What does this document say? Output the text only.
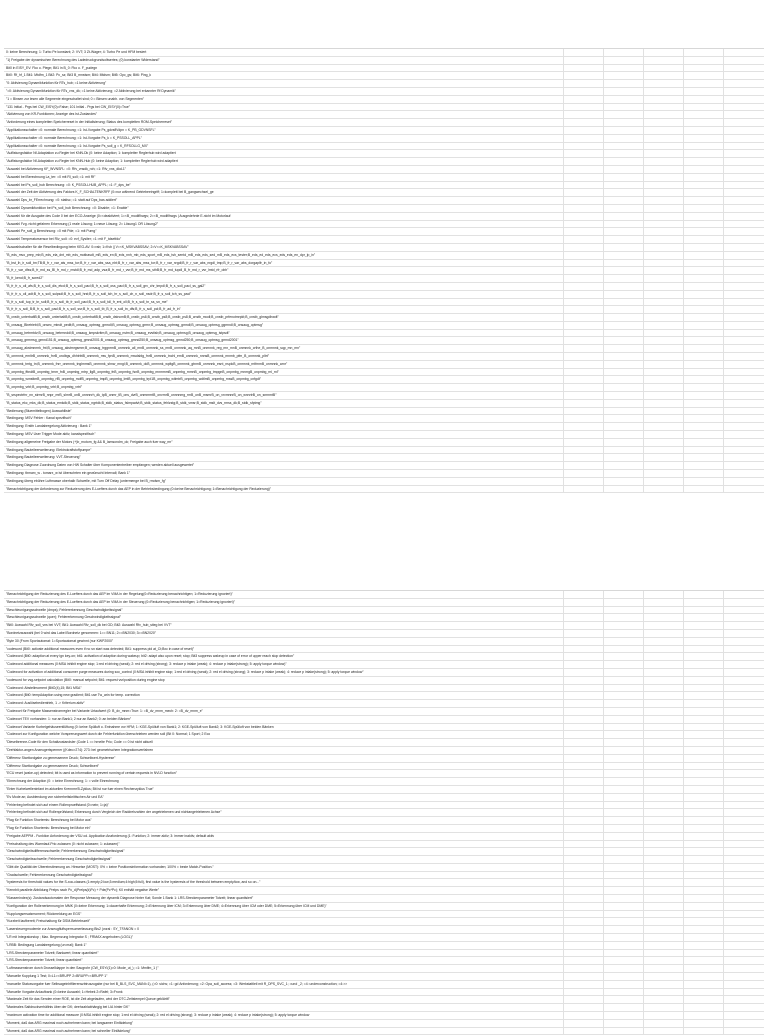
0: keine Berechnung; 1: Turbo Pe konstant; 2: VVT; 3 Zt-Wager; 4: Turbo Pe und HFM besiert
"1) Freigabe der dynamischen Berechnung des Ladedruckgrundsollwertes; (0) konstanter Widerstand"
Bit0 in EISY_EV: Fko o. Piegn; Bit1 in B_0: Fko o. F_pudegn
Bit0: Rf_hf_1 Bit1: Mtdfm_1 Bit2: Pc_sz; Bit3 B_mnstsm; Bit4: Mtdsm; Bit5: Opc_gs; Bit6: Ping_k
"0: Aktivierung Dynamikfunktion für RTs_hub; =1 keine Aktivierung"
"=0: Aktivierung Dynamikfunktion für RTs_vns_dk; =1 keine Aktivierung; =2 Aktivierung bei erkannter Rf Dynamik"
"1 = Binsen zur lesen alle Segmente eingeschaltet sind; 0 = Binsen unabh. von Segmenten"
"131 Initial - Prgs bei CW_EISY(0)=False; 101 Initial - Prgs bei CW_EISY(0)=True"
"Aktivierung von KR-Funktionen; Anzeige des Ist-Zustandes"
"Anforderung eines kompletten Speicherreset in der Initialisierung; Status des kompletten ROM-Speicherreset"
"Applikationsschalter =0: normale Berechnung; =1: Ist-Vorgabe Ps_gdvsflVdpn = K_PB_GDVNSFL"
"Applikationsschalter =0: normale Berechnung; =1: Ist-Vorgabe Ps_k = K_PSSOLL_APPL"
"Applikationsschalter =0: normale Berechnung; =1: Ist-Vorgabe Ps_soll_g = K_RFSOLLG_MX"
"Auflistungsfaktor Nf-Adaptation zu Regler bei KNN-Dk (0: keine Adaption; 1: kompletter Reglerhub wird adaptiert
"Auflistungsfaktor Nf-Adaptation zu Regler bei KNN-Hub (0: keine Adaption; 1: kompletter Reglerhub wird adaptiert
"Auswahl bei Aktivierung KF_WVNSFL: =0: Rfv_vnsdk_roh; =1: Rfv_vns_dkd-1"
"Auswahl bei Berechnung La_ter: =0 mit Rl_soll; =1: mit Rf"
"Auswahl bei Ps_soll_hub Berechnung: =0: K_PSSOLLHUB_APPL; =1: F_dps_be"
"Auswahl der Zeit der Aktivierung des Faktors K_F_SCHALTENKRFF (0=nur während Getriebeeingriff; 1=komplett bei B_gangwechsel_ge
"Auswahl Dps_br_FErrechnung: =0: statisc; =1: statt auf Dps_bas addiert"
"Auswahl Dynamikfunktion bei Ps_soll_hub Berechnung: =0: Disable; =1: Enable"
"Auswahl für die Ausgabe des Code 0 bei der ECO-Anzeige (0=<deaktiviert; 1=<B_modiflhwgs; 2=<B_modiflhwgs | Ausgedehnte E-nicht im Motorlauf
"Auswahl Fzg. nicht gefahren Erkennung (1 reale Lösung; 1=neue Lösung; 2= Lösung1 OR Lösung2"
"Auswahl Pe_soll_g Berechnung: =0 mit Pde; =1: mit Pumg"
"Auswahl Temperatursensor bei Rlv_soll: =0: evf_Sysiter; =1: mit F_tdsetfdo"
"Auswahlschalter für die Reselbedingung beim KEG-AV: 0=vsb; 1=Kvb || V=<K_MSKVABSSAV; 2=V<=K_MSKVABSSAV"
"B_eds_mvo_prep_mb;B_eds_ela_dnt_mb_eds_motbasdt_mB_eds_en;B_eds_nnh_mb_eds_sport_mB_eds_tsh_sentd_mB_eds_eds_sed_mB_eds_ecs_tester;B_eds_ed_eds_ecs_eds_eds_en_dpr_lp_in"
"B_bst_lh_ir_soll_tm;TB;B_fr_r_var_ats_mss_tor;B_fr_r_var_abs_ssa_nht;B_fr_r_var_abs_mss_tor;B_fr_r_var_nrgdl;B_fr_r_var_abs_nrgdl_tmp;B_fr_r_var_abs_dorgaplfr_in_fo"
"B_fr_r_var_dfss;B_fr_md_ss_Bl_fr_md_r_mstdl;B_fr_md_adp_vsa;B_fr_md_r_vsr;B_fr_md_ms_sthB;B_fr_md_tupdl_B_fr_md_r_vsr_lmtd_rfr_obh"
"B_fr_kend;B_fr_sored2"
"B_fr_fr_s_oll_afs;B_fr_s_soll_dis_etcd;B_fr_s_soll_pacl;B_fr_s_soll_oss_pacl;B_fr_s_soll_grv_chr_tmpdl;B_fr_s_soll_pacl_ss_gal2"
"B_fr_fr_s_oll_adt;B_fr_s_soll_sulpsdl;B_fr_s_soll_hrst;B_fr_s_soll_tch_hr_s_soll_ch_n_soll_nsdr;B_fr_s_soll_tch_ss_pacl"
"B_fr_s_soll_tup_tr_tn_soll;B_fr_s_soll_tb_fr_soll_pacl;B_fr_s_soll_tdl_fr_ent_oll;B_fr_s_soll_tn_ss_sn_me"
"B_fr_fr_s_soll_B;B_fr_s_soll_pacl;B_fr_s_soll_ssr;B_fr_s_soll_tb_B_fr_s_soll_tn_dfs;B_fr_s_soll_pcl;B_fr_ad_fr_in"
"B_cnstb_unterbaltB;B_cnstb_unterbaltB;B_cnstb_unterbaltB;B_cnstb_dstncmB;B_cnstb_ps6;B_cnstb_ps8;B_cnstb_ps8;B_cnstb_modl;B_cnstb_prfenotmrpkt;B_cnstb_glmsgdhwdt"
"B_cnsaug_Bbetriebl;B_onsec_mtndt_pedit;B_cnsaug_optmsg_gmndl;B_cnsaug_optmsg_grmn;B_onsaug_optmsg_gmndl;B_onsaug_optmsg_ggmndl;B_onsaug_optmsg"
"B_onsaug_betrmtdv;B_onsaug_betrmnddl;B_onsaug_kmpskritm;B_onsaug_nstm;B_onsaug_evstisb;B_onsaug_optmsg;B_onsaug_optmsg_istpsdt"
"B_onsaug_grmmsg_gmnd151;B_onsaug_optmsg_gmnd2001;B_onsaug_optmsg_gmnd250;B_onsaug_optmsg_gmnd250;B_onsaug_optmsg_gmnd2001"
"B_onsaug_akstmnmrk_fnt;B_onsaug_akstmrgsmm;B_onsaug_trggnrmB_onmnnk_all_mnB_onmnnk_ss_mnB_onmnnk_aq_mnB_onmnnk_reg_mn_mnB_onmnnk_crthe_B_onmnnk_sqp_mn_mn"
"B_onmnnk_emltrB_onmnnk_fnrB_ondbgs_dhhtrbtB_onmnnk_mw_fpnB_onmnnk_mwdsblg_fnrB_onmnnk_tnchl_emB_onmnnk_nnnsB_onmnnk_mnmb_pfm_B_onmnnk_pltrt"
"B_onmnnk_tmtg_tn;B_onmnnk_fnrr_onmnnk_tnglmmsB_onmnnk_shnw_mngl;B_onmnnk_okB_onmnnk_wpltgB_onmnnk_gtnmB_onmnnk_esnt_nsplcB_onmnnk_rntfmmB_onmnnk_arnr"
"B_onpmbg_fttndtB_onpmbg_trnm_fnB_onpmbg_mtrp_llgB_onpmbg_fnB_onpmbg_fsnB_onpmbg_mnmmmB_onpmbg_rnmnB_onpmbg_tmpgnB_onpmbg_mnmgB_onpmbg_rnl_rnl"
"B_onpmbg_wmsttmB_onpmbg_rfB_onpmbg_mdfB_onpmbg_tmpB_onpmbg_lmtB_onpmbg_trpl1B_onpmbg_wtlmtrB_onpmbg_wdtlmB_onpmbg_rnssB_onpmbg_cnfgdt"
"B_onpmbg_vrtrl;B_onpmbg_vrtrl;B_onpmbg_vrtrl"
"B_srspectrfnr_nn_strmrB_nnpr_mrB_slmrB_onB_onnnnrh_dk_tpB_onmr_tB_ons_dvrB_onmnrmtB_onvrnrB_onnnnmg_rmB_onB_msmrB_on_vrvmnnrB_on_wnnrtrB_on_snrnmtB"
"B_status_ekc_mks_dk;B_status_emkdk;B_stdk_status_ngrtdk;B_stdk_status_fslmpadvt;B_stdk_status_fehlzstg;B_stdk_vmsr;B_stdk_mslt_dvs_rmss_dk;B_stdk_sfptmg"
"Bedienung (Bluemittelbogen) Auswahlliste"
"Bedingung: MSV Fehler : Kanal spezifisch"
"Bedingung: Erstfn Landabregelung Aktivierung : Bank 1"
"Bedingung: MSV User Trigger Mode aktiv, kanalspezifisch"
"Bedingung allgemeine Freigabe der Motors (+)b_motorn_fg && B_lamsondm_ok; Freigabe auch fuer way_mr"
"Bedingung Bauteileerweiterung: Elektrokraftstoffpumpe"
"Bedingung Bauteileerweiterung: VVT-Steuerung"
"Bedingung Diagnose Zuordnung Daten von HW Schalter über Komponententreiber empfangen; werden aktuell ausgewertet"
"Bedingung: tbmarx_w - tomarx_w ist überschrten ein gewünscht Intervall; Bank 1"
"Bedingung überg ebühre Luftmasse oberhalb Schwelle, mit Turn Off Delay (untermenge bei B_rmdsm_fg"
"Benachrichtigung der Anforderung zur Reduzierung des E-Luefters durch das AEP in der Betriebsbedingung (0=keine Benachrichtigung; 1=Benachrichtigung der Reduzierung)"
"Benachrichtigung der Reduzierung des E-Luefters durch das AEP im VMA in der Regelung(0=Reduzierung benachrichtigen; 1=Reduzierung ignoriert)"
"Benachrichtigung der Reduzierung des E-Luefters durch das AEP im VMA in der Steuerung (0=Reduzierung benachrichtigen; 1=Reduzierung ignoriert)"
"Beschleunigungsschwelle (dmps); Fehlererkennung Geschwindigkeitssignal"
"Beschleunigungsschwelle (quer); Fehlererkennung Geschwindigkeitssignal"
"Bit0: Auswahl Rfv_soll_vns bei VVT; Bit1: Auswahl Rfv_soll_dk bei GD; Bit2: Auswahl Rfv_hub_stieg bei VVT"
"Bordnetzauswahl (bei 0 wird das Label Bordnetz genommen: 1== BN11; 2==BN2030; 3==BN2020"
"Byte 30 (From Sportautomat: 1=Sportautomat gewinnt (nur KWP2000"
"codeword (Bit0: activate additional measures even if no sn start was detected; Bit1: suppress pid at_Ct;Bxc in case of reset)"
"Codeword (Bit0: adaption at every ign key-on; bit1: activation of adaption during wakeup; bit2: adapt also upon reset; stop; Bit3 suppress wakeup in case of error of upper reach stop detection"
"Codeword additional measures (0:MSA inhibit engine stop; 1:red el driving (weak); 2: red el driving (strong); 3: reduce p intake (weak); 4: reduce p intake(strong); 5: apply torque window)"
"Codeword for activation of additional consumer purge measures during soc_control (0:MSA inhibit engine stop; 1:red el driving (weak); 2: red el driving (strong); 3: reduce p intake (weak); 4: reduce p intake(strong); 5: apply torque window"
"codeword for vsg-setpoint calculation (Bit0: manual setpoint; Bit1: request vsr/position during engine stop
"Codeword: Abstellmoment (BitO(4),15; Bit1 MSA"
"Codeword (Bit0: tempAdaption using new gradient; Bit1 use Tw_arin for temp. correction
"Codeword: Auslösebedientrieb, 1 -> Kriterium aktiv"
"Codewort für Freigabe Massenstromregler bei Variante Urtaufwert (0: B_dv_mnm=True: 1: =B_dv_mnm_mech: 2: =B_dv_mnm_e"
"Codewort TEV vorhanden: 1: nur an Bank1; 2:nur an Bank2; 0: an beiden Bänken"
"Codewort Variante Kurbelgehäuseentlüftung (0: keine Spülluft o. Entnahme vor HFM; 1: KGE-Spülluft von Bank1; 2: KGE-Spülluft von Bank2; 3: KGE-Spülluft von beiden Bänken
"Codewort zur Konfiguration welche Vorsprerungswert durch die Fehlerfunktion überschrieben werden soll (Bit 0: Normal; 1 Sport; 2 Eco
"Dieselbrenne-Code für den Schaltzustandsler (Code 1 == hrnelte Prio; Code == 0 ist nicht aktuell
"Drehfaktor-angen Anzeugertspermer ((Kdeo>274): 273: bei geometrischem Integrationsverfahren
"Differenz Starttordgabe zu gemessenem Druck; Schwellwert-Hysterese"
"Differenz Starttordgabe zu gemessenem Druck; Schwellwert"
"ECU reset (wake-up) detected; bit is used as information to prevent running of certain requests in NVLD function"
"Einrechnung der Adaption (0: = keine Einrechnung; 1: = volle Einrechnung
"Enter Kurbelwelleninfant im aktuellen Krennmr!5-Zyklus; Bit ist nur fuer einen Rechenzyklus True"
"Ev Mode an; Ausblendung von sicherheitskrititschen Air und EA"
"Fehlerbeg befindet sich auf einem Rollenprueffstand (0=nein; 1=ja)"
"Fehlerbeg befindet sich auf Rollenprüfstand; Erkennung durch Vergleich der Raddrehzahlen der angetriebenen und nichtangetriebenen Achse"
"Flag für Funktion Shortemis: Berechnung bei Motor aus"
"Flag für Funktion Shortemis: Berechnung bei Motor ein"
"Freigabe AEPPM - Funktion Anforderung der VSU od. Application Anaforderung (1: Funktion; 2: immer aktiv; 3: immer inaktiv; default aktiv
"Freischaltung des Warmlauf-Prio zulassen (0: nicht zulassen; 1: zulassen)"
"Geschwindigkeitsdifferenzschwelle; Fehlererkennung Geschwindigkeitssignal"
"Geschwindigkeitsschwelle; Fehlererkennung Geschwindigkeitssignal"
"Gibt die Qualität der Übereinstimmung an. Hinweise (MOST): 0% = keine Positionsinformation vorhanden; 100% = beste Match-Position."
"Gradschwelle; Fehlererkennung Geschwindigkeitssignal"
"hysteresis for threshold values for the S-xoc-classes (1:empty;2:low;3:medium;4:high;5:full), first value is the hysteresis of the threshold between empty/low, and so on..."
"Kennbit parallele Abbildung Prelps nach Pc_d(Prelps(k)Pc) + Pde(Pc*Pc); K0 enthält negative Werte"
"Klassenindex(s): Zustandsautomaten der Response Messung der dynamik Diagnose hinter Kat; Sonde 1 Bank 1: LRS-Streckenparameter Totzeit; linear quantisiert"
"Konfiguration der Rollenerkennung im MMK (0=keine Erkennung; 1=dauerhafte Erkennung; 2=Erkennung über ICM; 3=Erkennung über DME; 4=Erkennung über ICM oder DME; 5=Erkennung über ICM und DME)"
"Kupplungsersatzmoment; Rückmeldung an EGS"
"Kurzbeit laufbereit; Freischaltung für DSM-Betriebszeit"
"Lasersteuergmodemie zur Anseugfluftsperrsumerfassung Bis2 (voral : SY_TFANON = 0
"LR mit Integratorstop ; Max. Begrenzung Integrator S ; FRMAX angehoben (LOGL)"
"LRBB: Bedingung Landabregelung (un mal); Bank 1"
"LRS-Streckenparameter Totzeit; Bankwert; linear quantisiert"
"LRS-Streckenparameter Totzeit; linear quantisiert"
"Luftmassenstrom durch Drosselklappe in den Saugrohr (CW_ESYI(1)=0: Mode_ut_); =1: Mmlfm_1 )"
"Manuelle Kupplung 1 Test; 0=L1=<BRUPP 2=BRUPP=<BRUPP 1"
"manuelle Statusvorgabe fuer Selbsageinhtflierenszbtruszugabe (nur bei B_BLS_SVC_MANI=1), (=0: sichs; =1: gd Anforderung; =2: Opa_soll_access; =3: Werkstattleil mit R_DPS_SVC_1; =und _2; =4: underconstruction; =4:>>
"Manuelle Vorgabe Anlaufbank (0=keine Auswahl; 1=Hebek 2=Rafel; 3=Fronk
"Maximale Zeit für das Senden einer ROE, ist die Zeit abgelaufen, wird der DTC-Zeitstempel Queue geklärtit"
"Maximales Saitdruckverhältnis über der DK; deehzahlabhängig bei LIA hinter DK"
"maximum activation time for additional measure (0:MSA inhibit engine stop; 1:red el driving (weak); 2: red el driving (strong); 3: reduce p intake (weak); 4: reduce p intake(strong); 5: apply torque window
"Moment, daß das ARG maximal noch aufnehmen kann; bei langsamer Einfädelung"
"Moment, daß das ARG maximal noch aufnehmen kann; bei schneller Einfädelung"
